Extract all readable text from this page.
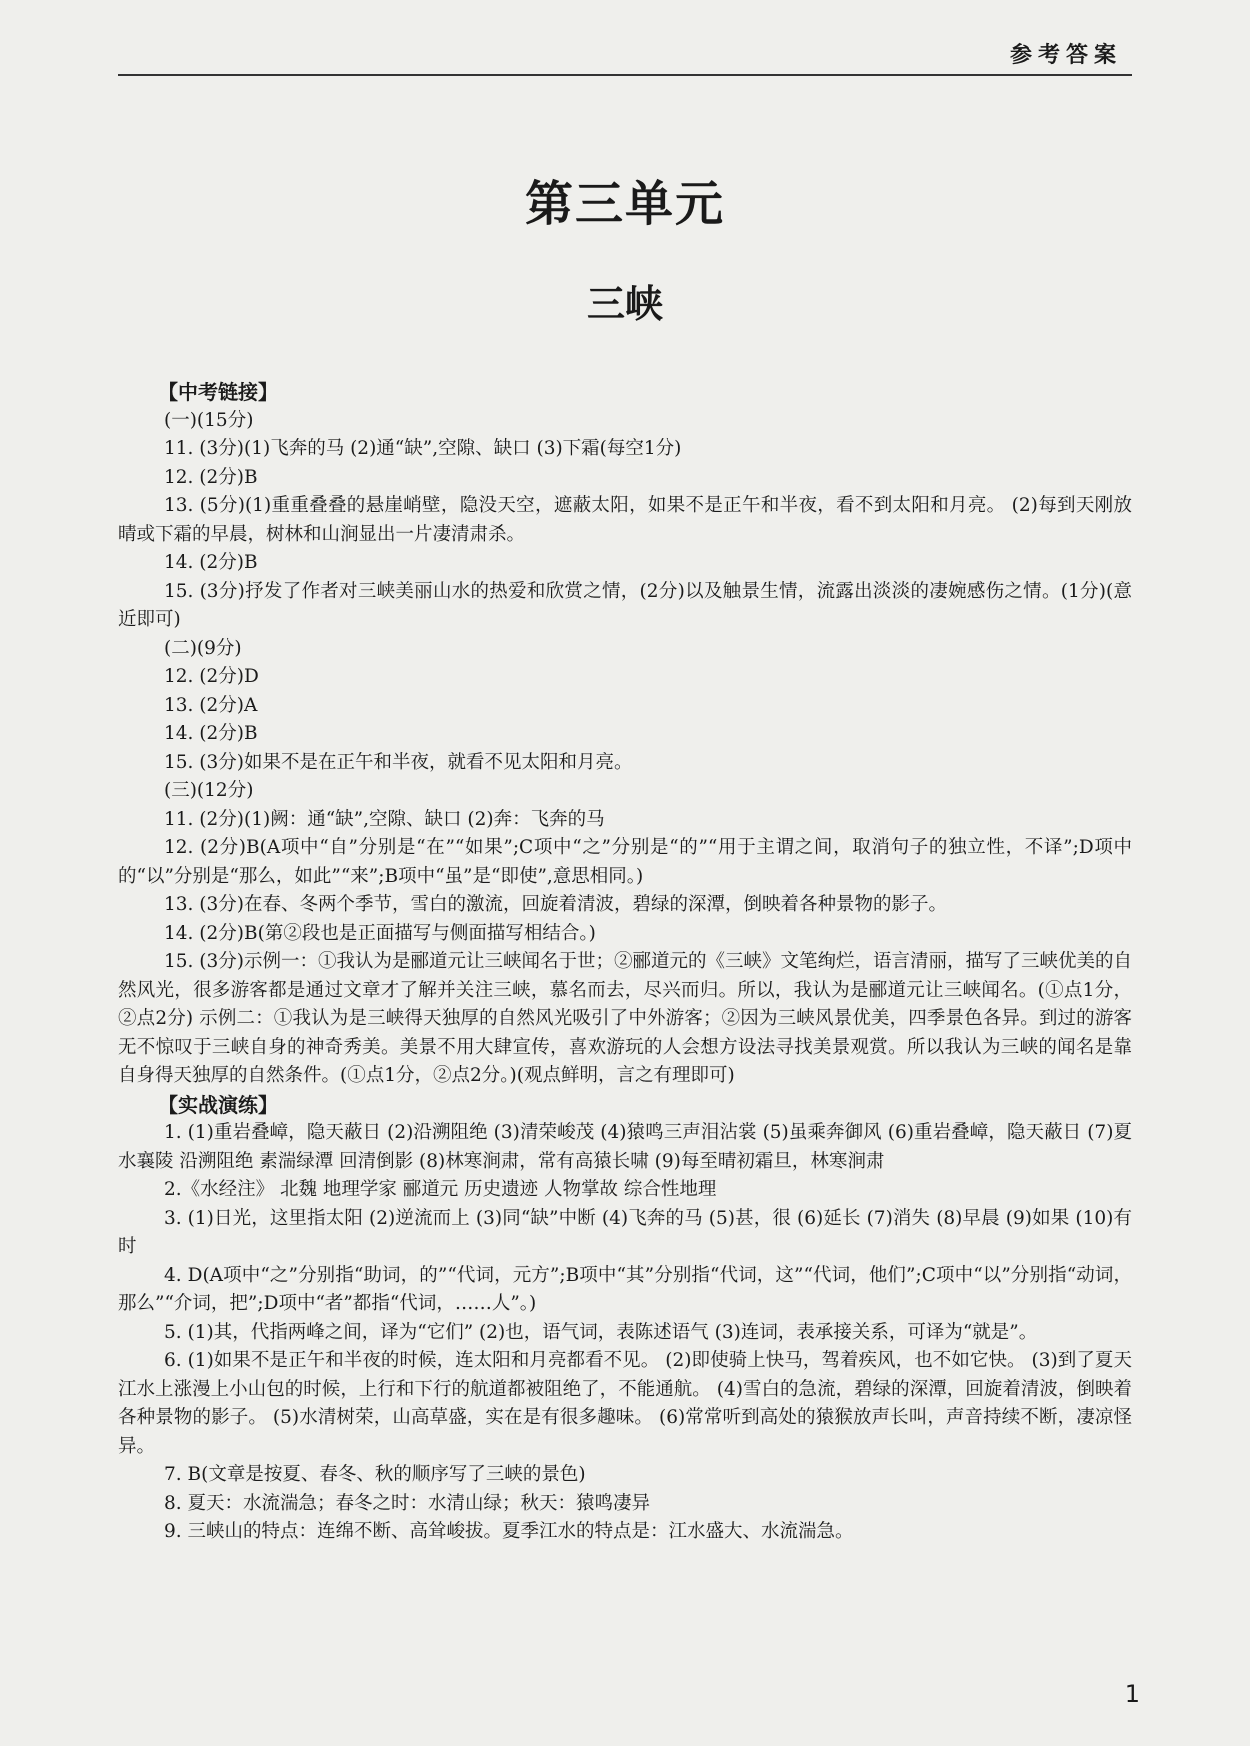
参考答案
第三单元
三峡

【中考链接】

(一)(15分)

11. (3分)(1)飞奔的马 (2)通“缺”,空隙、缺口 (3)下霜(每空1分)

12. (2分)B

13. (5分)(1)重重叠叠的悬崖峭壁，隐没天空，遮蔽太阳，如果不是正午和半夜，看不到太阳和月亮。 (2)每到天刚放晴或下霜的早晨，树林和山涧显出一片凄清肃杀。

14. (2分)B

15. (3分)抒发了作者对三峡美丽山水的热爱和欣赏之情，(2分)以及触景生情，流露出淡淡的凄婉感伤之情。(1分)(意近即可)

(二)(9分)

12. (2分)D

13. (2分)A

14. (2分)B

15. (3分)如果不是在正午和半夜，就看不见太阳和月亮。

(三)(12分)

11. (2分)(1)阙：通“缺”,空隙、缺口 (2)奔：飞奔的马

12. (2分)B(A项中“自”分别是“在”“如果”;C项中“之”分别是“的”“用于主谓之间，取消句子的独立性，不译”;D项中的“以”分别是“那么，如此”“来”;B项中“虽”是“即使”,意思相同。)

13. (3分)在春、冬两个季节，雪白的激流，回旋着清波，碧绿的深潭，倒映着各种景物的影子。

14. (2分)B(第②段也是正面描写与侧面描写相结合。)

15. (3分)示例一：①我认为是郦道元让三峡闻名于世；②郦道元的《三峡》文笔绚烂，语言清丽，描写了三峡优美的自然风光，很多游客都是通过文章才了解并关注三峡，慕名而去，尽兴而归。所以，我认为是郦道元让三峡闻名。(①点1分，②点2分) 示例二：①我认为是三峡得天独厚的自然风光吸引了中外游客；②因为三峡风景优美，四季景色各异。到过的游客无不惊叹于三峡自身的神奇秀美。美景不用大肆宣传，喜欢游玩的人会想方设法寻找美景观赏。所以我认为三峡的闻名是靠自身得天独厚的自然条件。(①点1分，②点2分。)(观点鲜明，言之有理即可)

【实战演练】

1. (1)重岩叠嶂，隐天蔽日 (2)沿溯阻绝 (3)清荣峻茂 (4)猿鸣三声泪沾裳 (5)虽乘奔御风 (6)重岩叠嶂，隐天蔽日 (7)夏水襄陵 沿溯阻绝 素湍绿潭 回清倒影 (8)林寒涧肃，常有高猿长啸 (9)每至晴初霜旦，林寒涧肃

2.《水经注》 北魏 地理学家 郦道元 历史遗迹 人物掌故 综合性地理

3. (1)日光，这里指太阳 (2)逆流而上 (3)同“缺”中断 (4)飞奔的马 (5)甚，很 (6)延长 (7)消失 (8)早晨 (9)如果 (10)有时

4. D(A项中“之”分别指“助词，的”“代词，元方”;B项中“其”分别指“代词，这”“代词，他们”;C项中“以”分别指“动词，那么”“介词，把”;D项中“者”都指“代词，……人”。)

5. (1)其，代指两峰之间，译为“它们” (2)也，语气词，表陈述语气 (3)连词，表承接关系，可译为“就是”。

6. (1)如果不是正午和半夜的时候，连太阳和月亮都看不见。 (2)即使骑上快马，驾着疾风，也不如它快。 (3)到了夏天江水上涨漫上小山包的时候，上行和下行的航道都被阻绝了，不能通航。 (4)雪白的急流，碧绿的深潭，回旋着清波，倒映着各种景物的影子。 (5)水清树荣，山高草盛，实在是有很多趣味。 (6)常常听到高处的猿猴放声长叫，声音持续不断，凄凉怪异。

7. B(文章是按夏、春冬、秋的顺序写了三峡的景色)

8. 夏天：水流湍急；春冬之时：水清山绿；秋天：猿鸣凄异

9. 三峡山的特点：连绵不断、高耸峻拔。夏季江水的特点是：江水盛大、水流湍急。

1
